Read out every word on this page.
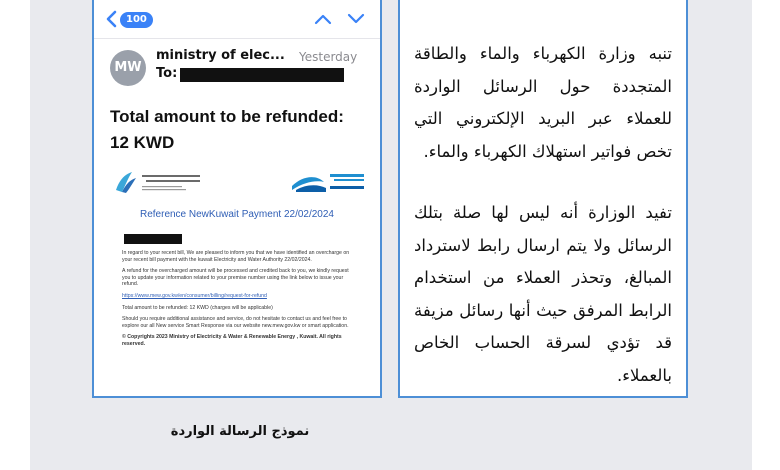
100
MW
ministry of elec... Yesterday
To:
Total amount to be refunded: 12 KWD
Reference NewKuwait Payment 22/02/2024

In regard to your recent bill, We are pleased to inform you that we have identified an overcharge on your recent bill payment with the kuwait Electricity and Water Authority 22/02/2024.

A refund for the overcharged amount will be processed and credited back to you, we kindly request you to update your information related to your premise number using the link below to issue your refund.

https://www.mew.gov.kw/en/consumer/billing/request-for-refund

Total amount to be refunded: 12 KWD (charges will be applicable)

Should you require additional assistance and service, do not hesitate to contact us and feel free to explore our all New service Smart Response via our website new.mew.gov.kw or smart application.

© Copyrights 2023 Ministry of Electricity & Water & Renewable Energy , Kuwait. All rights reserved.

نموذج الرسالة الواردة
تنبه وزارة الكهرباء والماء والطاقة المتجددة حول الرسائل الواردة للعملاء عبر البريد الإلكتروني التي تخص فواتير استهلاك الكهرباء والماء.
تفيد الوزارة أنه ليس لها صلة بتلك الرسائل ولا يتم ارسال رابط لاسترداد المبالغ، وتحذر العملاء من استخدام الرابط المرفق حيث أنها رسائل مزيفة قد تؤدي لسرقة الحساب الخاص بالعملاء.
